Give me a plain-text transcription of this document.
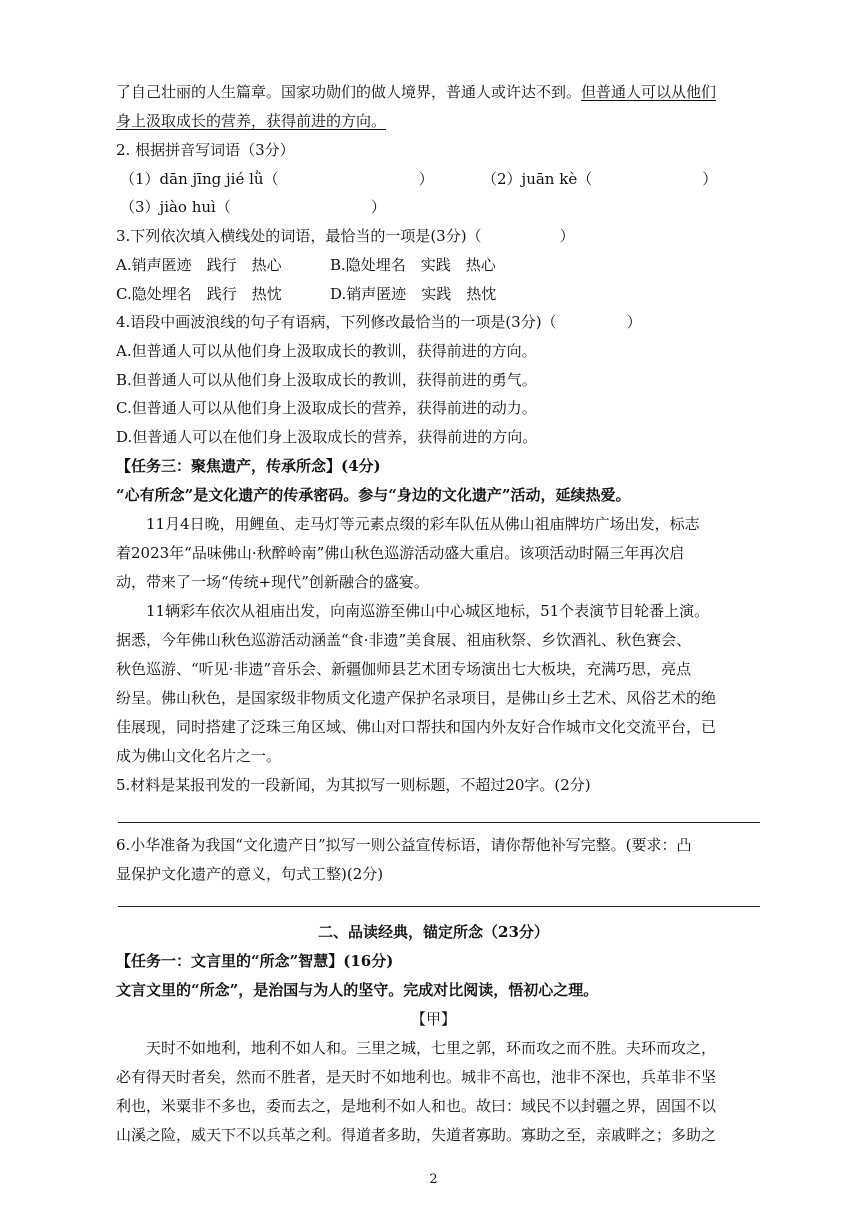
了自己壮丽的人生篇章。国家功勋们的做人境界，普通人或许达不到。但普通人可以从他们
身上汲取成长的营养，获得前进的方向。
2. 根据拼音写词语（3分）
（1）dān jīng jié lǜ（	）	（2）juān kè（	）
（3）jiào huì（	）
3.下列依次填入横线处的词语，最恰当的一项是(3分)（	）
A.销声匿迹　践行　热心	B.隐处埋名　实践　热心
C.隐处埋名　践行　热忱	D.销声匿迹　实践　热忱
4.语段中画波浪线的句子有语病，下列修改最恰当的一项是(3分)（	）
A.但普通人可以从他们身上汲取成长的教训，获得前进的方向。
B.但普通人可以从他们身上汲取成长的教训，获得前进的勇气。
C.但普通人可以从他们身上汲取成长的营养，获得前进的动力。
D.但普通人可以在他们身上汲取成长的营养，获得前进的方向。
【任务三：聚焦遗产，传承所念】(4分)
“心有所念”是文化遗产的传承密码。参与“身边的文化遗产”活动，延续热爱。
11月4日晚，用鲤鱼、走马灯等元素点缀的彩车队伍从佛山祖庙牌坊广场出发，标志
着2023年“品味佛山·秋醉岭南”佛山秋色巡游活动盛大重启。该项活动时隔三年再次启
动，带来了一场“传统+现代”创新融合的盛宴。
11辆彩车依次从祖庙出发，向南巡游至佛山中心城区地标，51个表演节目轮番上演。
据悉，今年佛山秋色巡游活动涵盖“食·非遗”美食展、祖庙秋祭、乡饮酒礼、秋色赛会、
秋色巡游、“听见·非遗”音乐会、新疆伽师县艺术团专场演出七大板块，充满巧思，亮点
纷呈。佛山秋色，是国家级非物质文化遗产保护名录项目，是佛山乡土艺术、风俗艺术的绝
佳展现，同时搭建了泛珠三角区域、佛山对口帮扶和国内外友好合作城市文化交流平台，已
成为佛山文化名片之一。
5.材料是某报刊发的一段新闻，为其拟写一则标题，不超过20字。(2分)
6.小华准备为我国“文化遗产日”拟写一则公益宣传标语，请你帮他补写完整。(要求：凸
显保护文化遗产的意义，句式工整)(2分)
二、品读经典，锚定所念（23分）
【任务一：文言里的“所念”智慧】(16分)
文言文里的“所念”，是治国与为人的坚守。完成对比阅读，悟初心之理。
【甲】
天时不如地利，地利不如人和。三里之城，七里之郭，环而攻之而不胜。夫环而攻之，
必有得天时者矣，然而不胜者，是天时不如地利也。城非不高也，池非不深也，兵革非不坚
利也，米粟非不多也，委而去之，是地利不如人和也。故曰：域民不以封疆之界，固国不以
山溪之险，威天下不以兵革之利。得道者多助，失道者寡助。寡助之至，亲戚畔之；多助之
2
